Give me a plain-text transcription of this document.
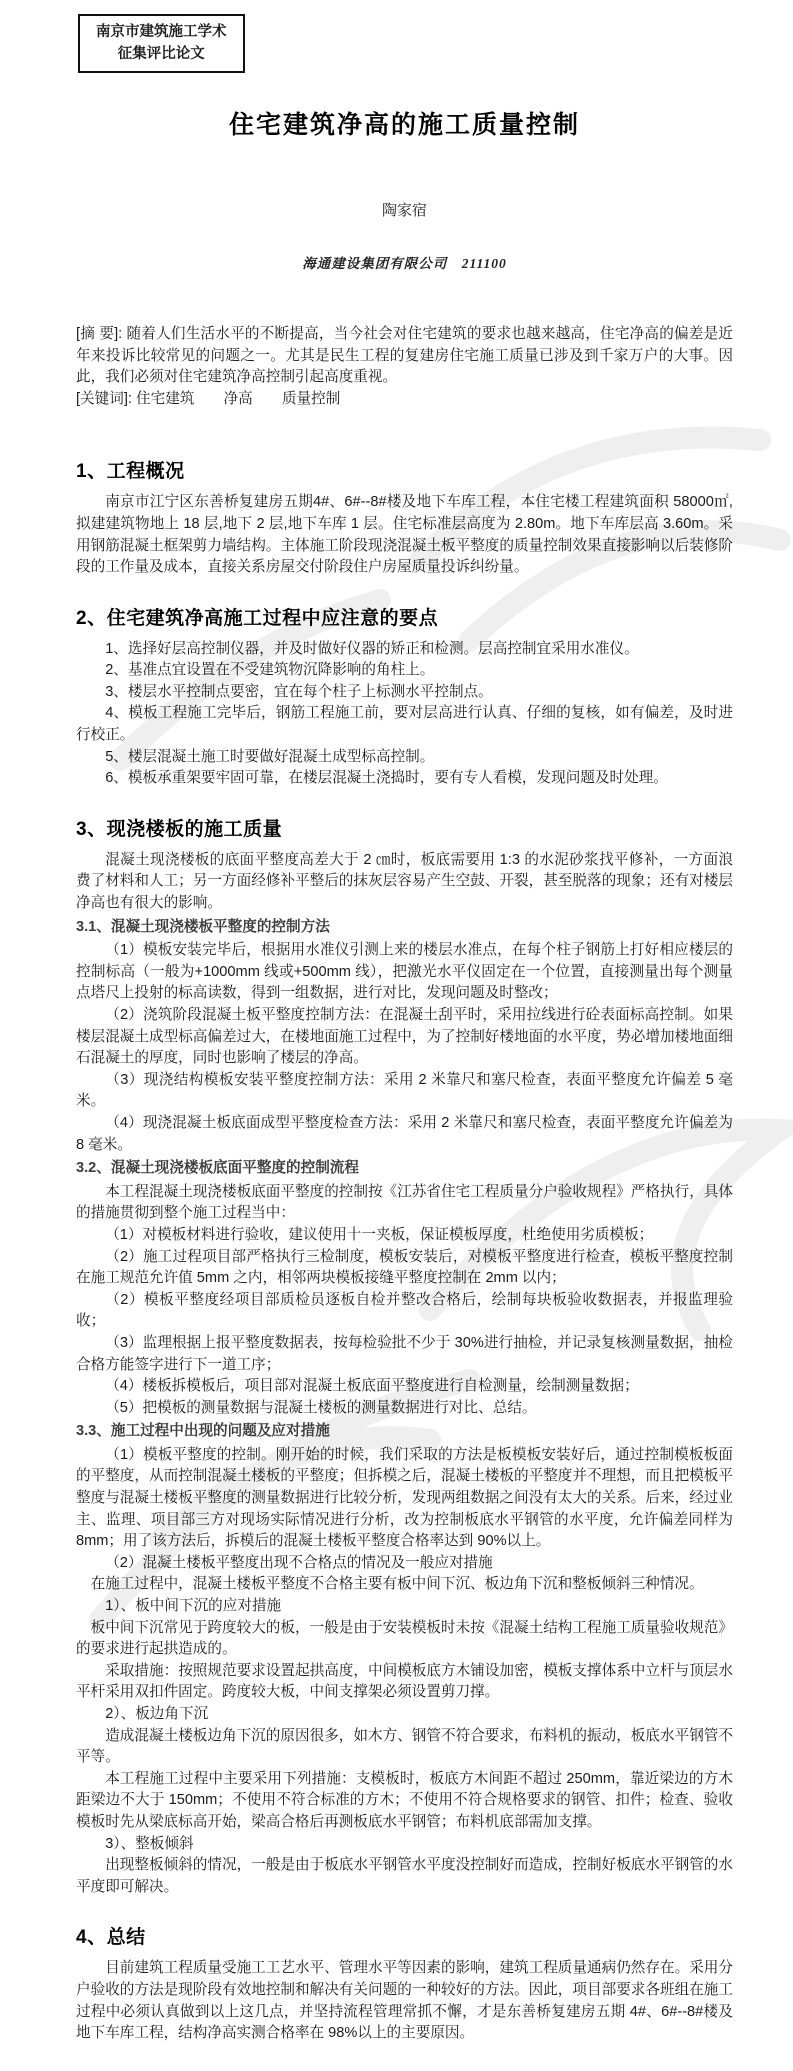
南京市建筑施工学术
征集评比论文
住宅建筑净高的施工质量控制
陶家宿
海通建设集团有限公司　211100

[摘 要]: 随着人们生活水平的不断提高，当今社会对住宅建筑的要求也越来越高，住宅净高的偏差是近年来投诉比较常见的问题之一。尤其是民生工程的复建房住宅施工质量已涉及到千家万户的大事。因此，我们必须对住宅建筑净高控制引起高度重视。

[关键词]: 住宅建筑　　净高　　质量控制

1、工程概况

南京市江宁区东善桥复建房五期4#、6#--8#楼及地下车库工程，本住宅楼工程建筑面积 58000㎡,拟建建筑物地上 18 层,地下 2 层,地下车库 1 层。住宅标准层高度为 2.80m。地下车库层高 3.60m。采用钢筋混凝土框架剪力墙结构。主体施工阶段现浇混凝土板平整度的质量控制效果直接影响以后装修阶段的工作量及成本，直接关系房屋交付阶段住户房屋质量投诉纠纷量。

2、住宅建筑净高施工过程中应注意的要点

1、选择好层高控制仪器，并及时做好仪器的矫正和检测。层高控制宜采用水准仪。

2、基准点宜设置在不受建筑物沉降影响的角柱上。

3、楼层水平控制点要密，宜在每个柱子上标测水平控制点。

4、模板工程施工完毕后，钢筋工程施工前，要对层高进行认真、仔细的复核，如有偏差，及时进行校正。

5、楼层混凝土施工时要做好混凝土成型标高控制。

6、模板承重架要牢固可靠，在楼层混凝土浇捣时，要有专人看模，发现问题及时处理。

3、现浇楼板的施工质量

混凝土现浇楼板的底面平整度高差大于 2 ㎝时，板底需要用 1:3 的水泥砂浆找平修补，一方面浪费了材料和人工；另一方面经修补平整后的抹灰层容易产生空鼓、开裂，甚至脱落的现象；还有对楼层净高也有很大的影响。

3.1、混凝土现浇楼板平整度的控制方法

（1）模板安装完毕后，根据用水准仪引测上来的楼层水准点，在每个柱子钢筋上打好相应楼层的控制标高（一般为+1000mm 线或+500mm 线），把激光水平仪固定在一个位置，直接测量出每个测量点塔尺上投射的标高读数，得到一组数据，进行对比，发现问题及时整改；

（2）浇筑阶段混凝土板平整度控制方法：在混凝土刮平时，采用拉线进行砼表面标高控制。如果楼层混凝土成型标高偏差过大，在楼地面施工过程中，为了控制好楼地面的水平度，势必增加楼地面细石混凝土的厚度，同时也影响了楼层的净高。

（3）现浇结构模板安装平整度控制方法：采用 2 米靠尺和塞尺检查，表面平整度允许偏差 5 毫米。

（4）现浇混凝土板底面成型平整度检查方法：采用 2 米靠尺和塞尺检查，表面平整度允许偏差为 8 毫米。

3.2、混凝土现浇楼板底面平整度的控制流程

本工程混凝土现浇楼板底面平整度的控制按《江苏省住宅工程质量分户验收规程》严格执行，具体的措施贯彻到整个施工过程当中：

（1）对模板材料进行验收，建议使用十一夹板，保证模板厚度，杜绝使用劣质模板；

（2）施工过程项目部严格执行三检制度，模板安装后，对模板平整度进行检查，模板平整度控制在施工规范允许值 5mm 之内，相邻两块模板接缝平整度控制在 2mm 以内；

（2）模板平整度经项目部质检员逐板自检并整改合格后，绘制每块板验收数据表，并报监理验收；

（3）监理根据上报平整度数据表，按每检验批不少于 30%进行抽检，并记录复核测量数据，抽检合格方能签字进行下一道工序；

（4）楼板拆模板后，项目部对混凝土板底面平整度进行自检测量，绘制测量数据；

（5）把模板的测量数据与混凝土楼板的测量数据进行对比、总结。

3.3、施工过程中出现的问题及应对措施

（1）模板平整度的控制。刚开始的时候，我们采取的方法是板模板安装好后，通过控制模板板面的平整度，从而控制混凝土楼板的平整度；但拆模之后，混凝土楼板的平整度并不理想，而且把模板平整度与混凝土楼板平整度的测量数据进行比较分析，发现两组数据之间没有太大的关系。后来，经过业主、监理、项目部三方对现场实际情况进行分析，改为控制板底水平钢管的水平度，允许偏差同样为 8mm；用了该方法后，拆模后的混凝土楼板平整度合格率达到 90%以上。

（2）混凝土楼板平整度出现不合格点的情况及一般应对措施

在施工过程中，混凝土楼板平整度不合格主要有板中间下沉、板边角下沉和整板倾斜三种情况。

1）、板中间下沉的应对措施

板中间下沉常见于跨度较大的板，一般是由于安装模板时未按《混凝土结构工程施工质量验收规范》的要求进行起拱造成的。

采取措施：按照规范要求设置起拱高度，中间模板底方木铺设加密，模板支撑体系中立杆与顶层水平杆采用双扣件固定。跨度较大板，中间支撑架必须设置剪刀撑。

2）、板边角下沉

造成混凝土楼板边角下沉的原因很多，如木方、钢管不符合要求，布料机的振动，板底水平钢管不平等。

本工程施工过程中主要采用下列措施：支模板时，板底方木间距不超过 250mm，靠近梁边的方木距梁边不大于 150mm；不使用不符合标准的方木；不使用不符合规格要求的钢管、扣件；检查、验收模板时先从梁底标高开始，梁高合格后再测板底水平钢管；布料机底部需加支撑。

3）、整板倾斜

出现整板倾斜的情况，一般是由于板底水平钢管水平度没控制好而造成，控制好板底水平钢管的水平度即可解决。

4、总结

目前建筑工程质量受施工工艺水平、管理水平等因素的影响，建筑工程质量通病仍然存在。采用分户验收的方法是现阶段有效地控制和解决有关问题的一种较好的方法。因此，项目部要求各班组在施工过程中必须认真做到以上这几点，并坚持流程管理常抓不懈，才是东善桥复建房五期 4#、6#--8#楼及地下车库工程，结构净高实测合格率在 98%以上的主要原因。
